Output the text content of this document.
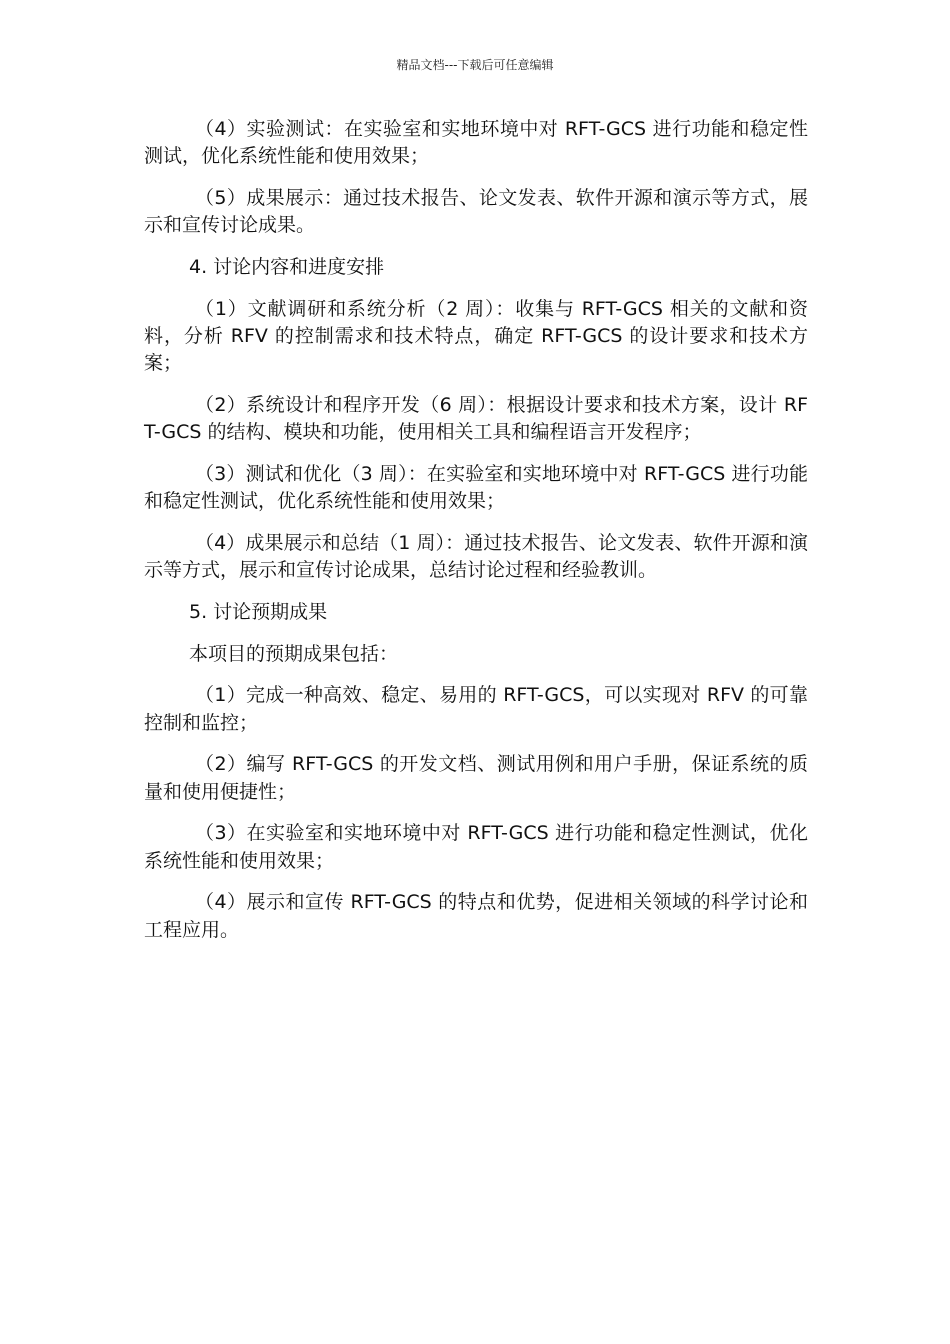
精品文档---下载后可任意编辑

（4）实验测试：在实验室和实地环境中对 RFT-GCS 进行功能和稳定性测试，优化系统性能和使用效果；

（5）成果展示：通过技术报告、论文发表、软件开源和演示等方式，展示和宣传讨论成果。

4. 讨论内容和进度安排

（1）文献调研和系统分析（2 周）：收集与 RFT-GCS 相关的文献和资料，分析 RFV 的控制需求和技术特点，确定 RFT-GCS 的设计要求和技术方案；

（2）系统设计和程序开发（6 周）：根据设计要求和技术方案，设计 RFT-GCS 的结构、模块和功能，使用相关工具和编程语言开发程序；

（3）测试和优化（3 周）：在实验室和实地环境中对 RFT-GCS 进行功能和稳定性测试，优化系统性能和使用效果；

（4）成果展示和总结（1 周）：通过技术报告、论文发表、软件开源和演示等方式，展示和宣传讨论成果，总结讨论过程和经验教训。

5. 讨论预期成果

本项目的预期成果包括：

（1）完成一种高效、稳定、易用的 RFT-GCS，可以实现对 RFV 的可靠控制和监控；

（2）编写 RFT-GCS 的开发文档、测试用例和用户手册，保证系统的质量和使用便捷性；

（3）在实验室和实地环境中对 RFT-GCS 进行功能和稳定性测试，优化系统性能和使用效果；

（4）展示和宣传 RFT-GCS 的特点和优势，促进相关领域的科学讨论和工程应用。
